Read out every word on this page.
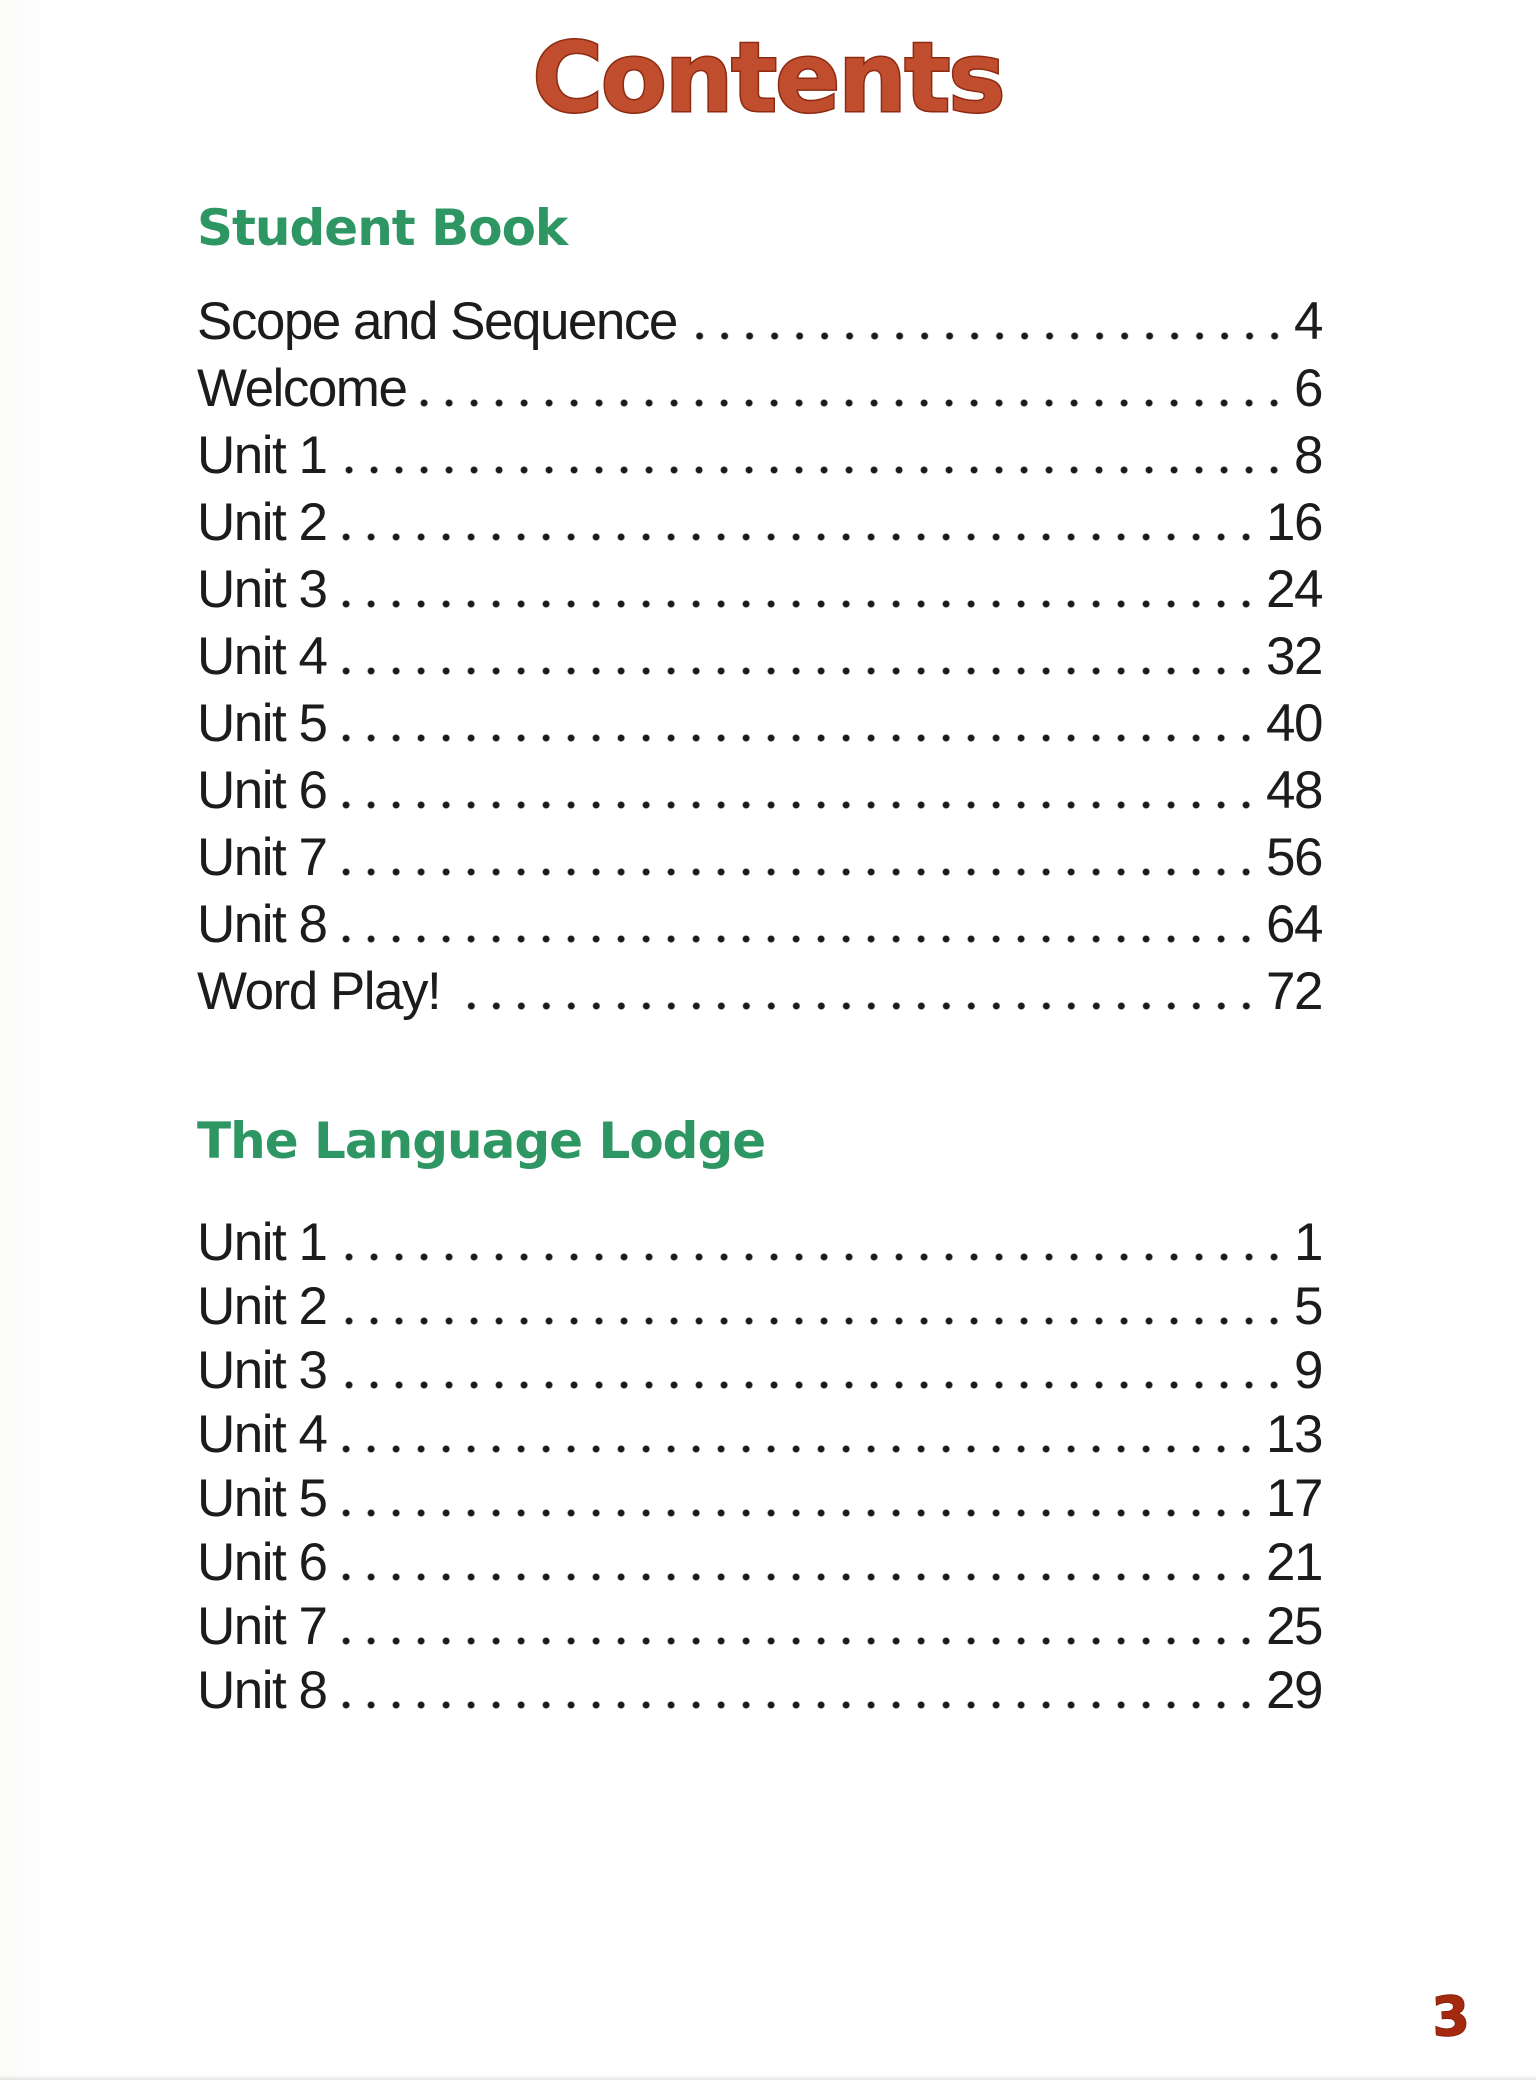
Contents
Student Book
Scope and Sequence	4
Welcome	6
Unit 1	8
Unit 2	16
Unit 3	24
Unit 4	32
Unit 5	40
Unit 6	48
Unit 7	56
Unit 8	64
Word Play!	72
The Language Lodge
Unit 1	1
Unit 2	5
Unit 3	9
Unit 4	13
Unit 5	17
Unit 6	21
Unit 7	25
Unit 8	29
3
